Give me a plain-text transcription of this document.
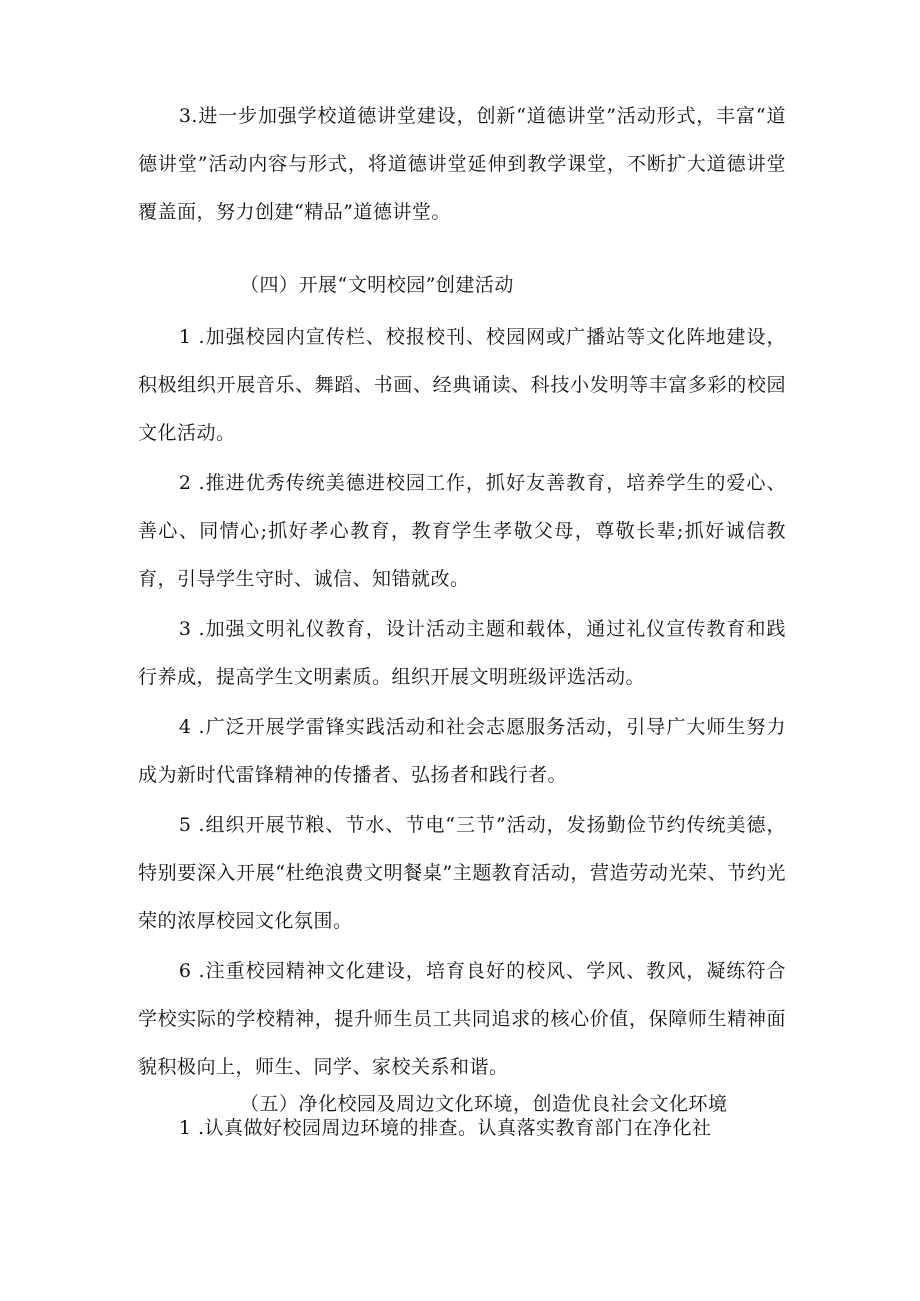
3.进一步加强学校道德讲堂建设，创新“道德讲堂”活动形式，丰富“道德讲堂”活动内容与形式，将道德讲堂延伸到教学课堂，不断扩大道德讲堂覆盖面，努力创建“精品”道德讲堂。

（四）开展“文明校园”创建活动

1 .加强校园内宣传栏、校报校刊、校园网或广播站等文化阵地建设，积极组织开展音乐、舞蹈、书画、经典诵读、科技小发明等丰富多彩的校园文化活动。

2 .推进优秀传统美德进校园工作，抓好友善教育，培养学生的爱心、善心、同情心;抓好孝心教育，教育学生孝敬父母，尊敬长辈;抓好诚信教育，引导学生守时、诚信、知错就改。

3 .加强文明礼仪教育，设计活动主题和载体，通过礼仪宣传教育和践行养成，提高学生文明素质。组织开展文明班级评选活动。

4 .广泛开展学雷锋实践活动和社会志愿服务活动，引导广大师生努力成为新时代雷锋精神的传播者、弘扬者和践行者。

5 .组织开展节粮、节水、节电“三节”活动，发扬勤俭节约传统美德，特别要深入开展“杜绝浪费文明餐桌”主题教育活动，营造劳动光荣、节约光荣的浓厚校园文化氛围。

6 .注重校园精神文化建设，培育良好的校风、学风、教风，凝练符合学校实际的学校精神，提升师生员工共同追求的核心价值，保障师生精神面貌积极向上，师生、同学、家校关系和谐。

（五）净化校园及周边文化环境，创造优良社会文化环境

1 .认真做好校园周边环境的排查。认真落实教育部门在净化社
